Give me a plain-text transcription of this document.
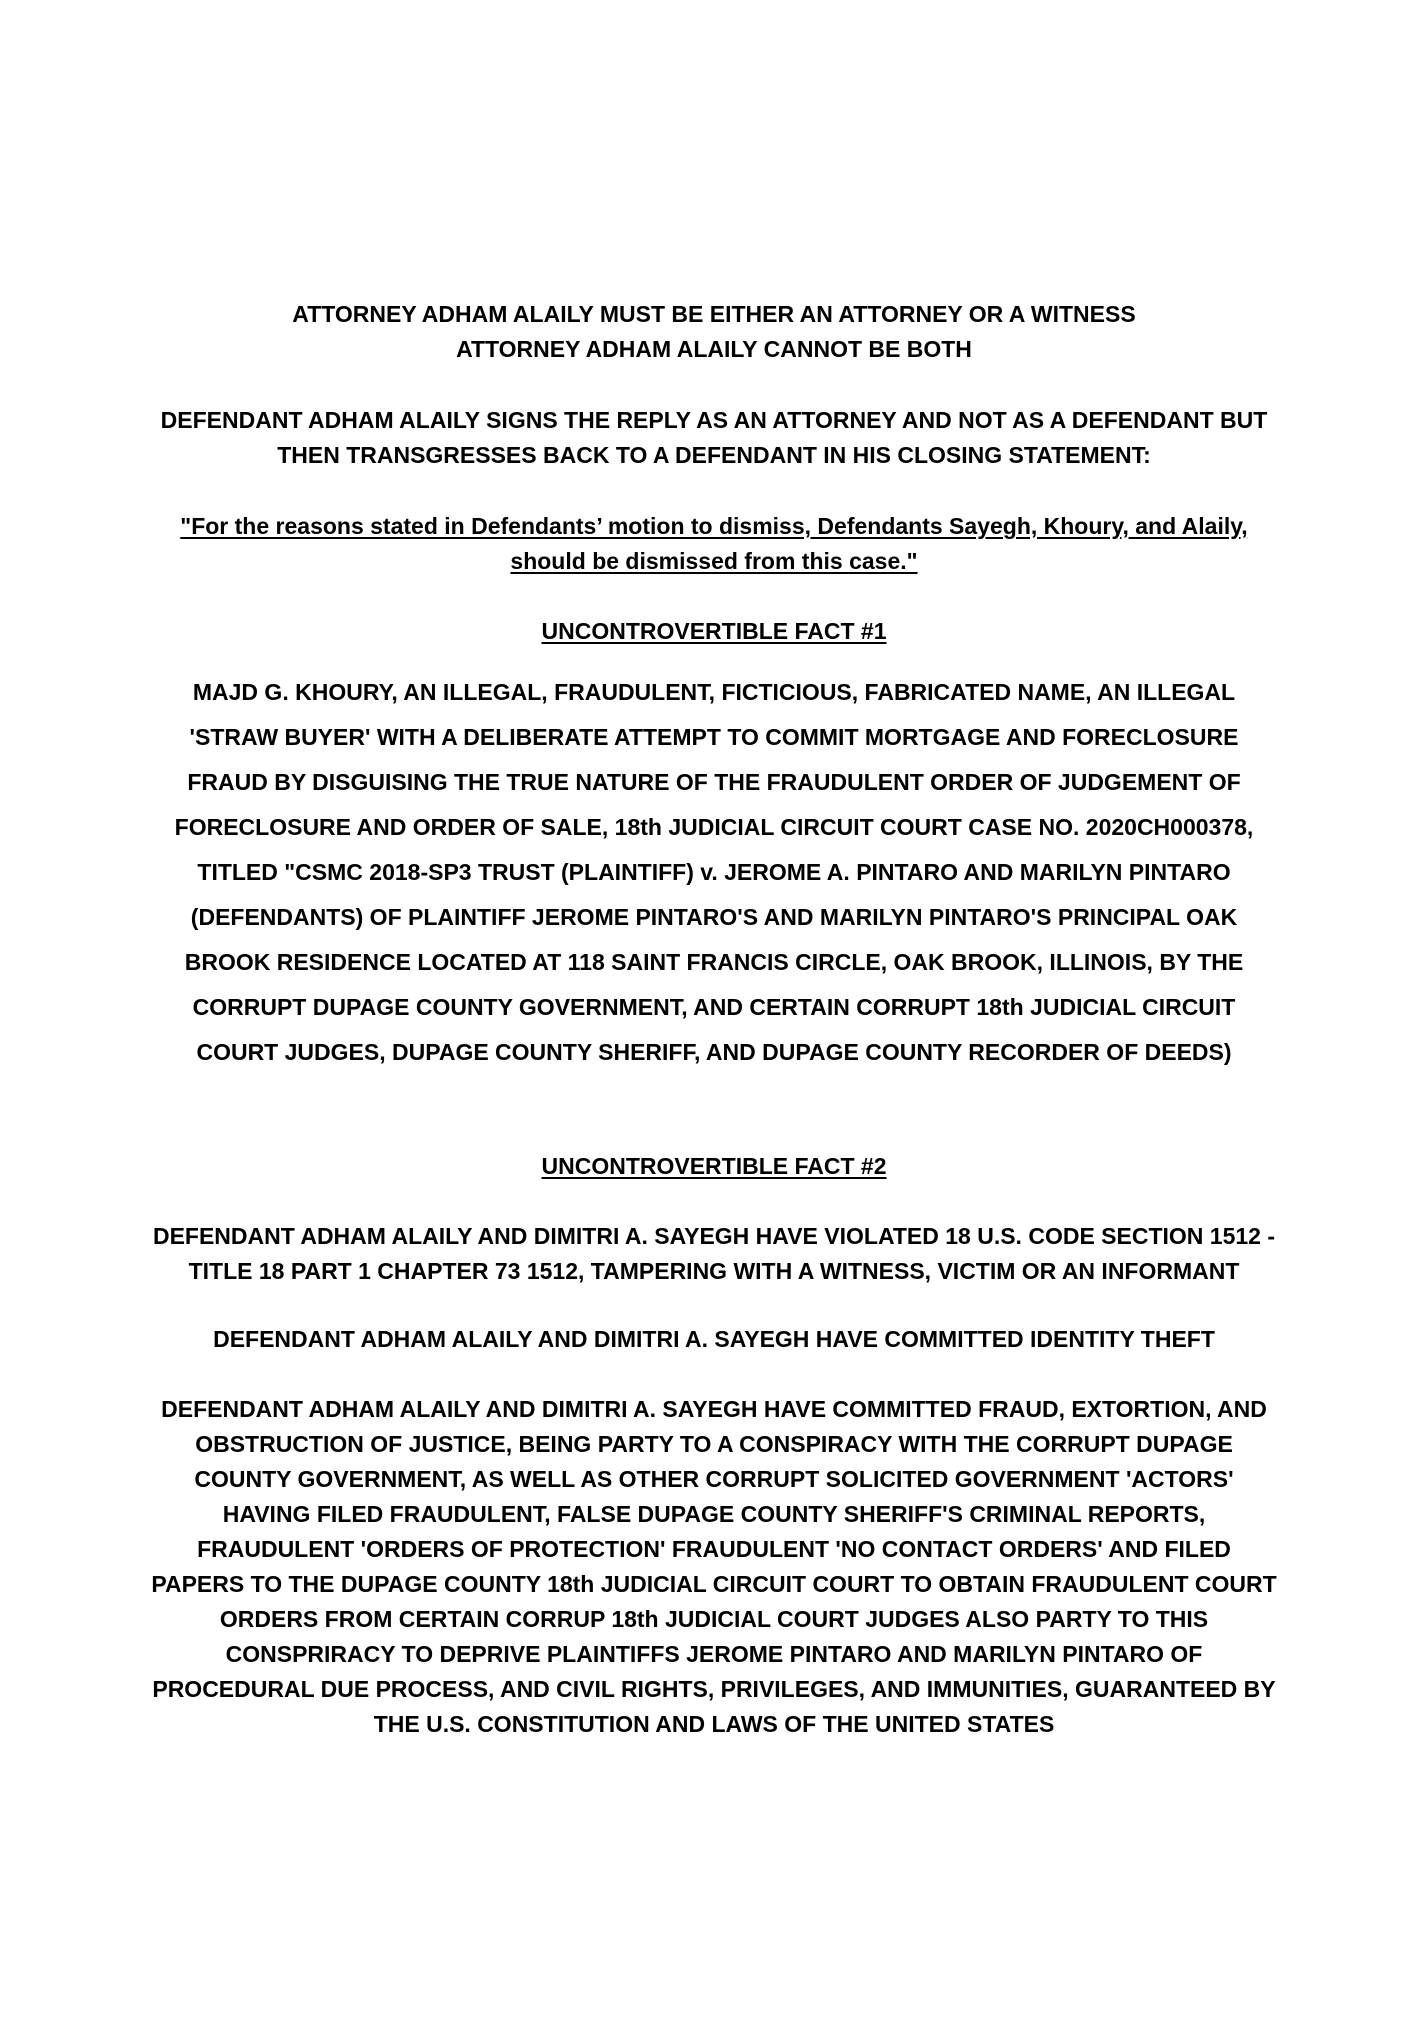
ATTORNEY ADHAM ALAILY MUST BE EITHER AN ATTORNEY OR A WITNESS
ATTORNEY ADHAM ALAILY CANNOT BE BOTH
DEFENDANT ADHAM ALAILY SIGNS THE REPLY AS AN ATTORNEY AND NOT AS A DEFENDANT BUT
THEN TRANSGRESSES BACK TO A DEFENDANT IN HIS CLOSING STATEMENT:
"For the reasons stated in Defendants’ motion to dismiss, Defendants Sayegh, Khoury, and Alaily,
should be dismissed from this case."
UNCONTROVERTIBLE FACT #1
MAJD G. KHOURY, AN ILLEGAL, FRAUDULENT, FICTICIOUS, FABRICATED NAME, AN ILLEGAL
'STRAW BUYER' WITH A DELIBERATE ATTEMPT TO COMMIT MORTGAGE AND FORECLOSURE
FRAUD BY DISGUISING THE TRUE NATURE OF THE FRAUDULENT ORDER OF JUDGEMENT OF
FORECLOSURE AND ORDER OF SALE, 18th JUDICIAL CIRCUIT COURT CASE NO. 2020CH000378,
TITLED "CSMC 2018-SP3 TRUST (PLAINTIFF) v. JEROME A. PINTARO AND MARILYN PINTARO
(DEFENDANTS) OF PLAINTIFF JEROME PINTARO'S AND MARILYN PINTARO'S PRINCIPAL OAK
BROOK RESIDENCE LOCATED AT 118 SAINT FRANCIS CIRCLE, OAK BROOK, ILLINOIS, BY THE
CORRUPT DUPAGE COUNTY GOVERNMENT, AND CERTAIN CORRUPT 18th JUDICIAL CIRCUIT
COURT JUDGES, DUPAGE COUNTY SHERIFF, AND DUPAGE COUNTY RECORDER OF DEEDS)
UNCONTROVERTIBLE FACT #2
DEFENDANT ADHAM ALAILY AND DIMITRI A. SAYEGH HAVE VIOLATED 18 U.S. CODE SECTION 1512 -
TITLE 18 PART 1 CHAPTER 73 1512, TAMPERING WITH A WITNESS, VICTIM OR AN INFORMANT
DEFENDANT ADHAM ALAILY AND DIMITRI A. SAYEGH HAVE COMMITTED IDENTITY THEFT
DEFENDANT ADHAM ALAILY AND DIMITRI A. SAYEGH HAVE COMMITTED FRAUD, EXTORTION, AND
OBSTRUCTION OF JUSTICE, BEING PARTY TO A CONSPIRACY WITH THE CORRUPT DUPAGE
COUNTY GOVERNMENT, AS WELL AS OTHER CORRUPT SOLICITED GOVERNMENT 'ACTORS'
HAVING FILED FRAUDULENT, FALSE DUPAGE COUNTY SHERIFF'S CRIMINAL REPORTS,
FRAUDULENT 'ORDERS OF PROTECTION' FRAUDULENT 'NO CONTACT ORDERS' AND FILED
PAPERS TO THE DUPAGE COUNTY 18th JUDICIAL CIRCUIT COURT TO OBTAIN FRAUDULENT COURT
ORDERS FROM CERTAIN CORRUP 18th JUDICIAL COURT JUDGES ALSO PARTY TO THIS
CONSPRIRACY TO DEPRIVE PLAINTIFFS JEROME PINTARO AND MARILYN PINTARO OF
PROCEDURAL DUE PROCESS, AND CIVIL RIGHTS, PRIVILEGES, AND IMMUNITIES, GUARANTEED BY
THE U.S. CONSTITUTION AND LAWS OF THE UNITED STATES
